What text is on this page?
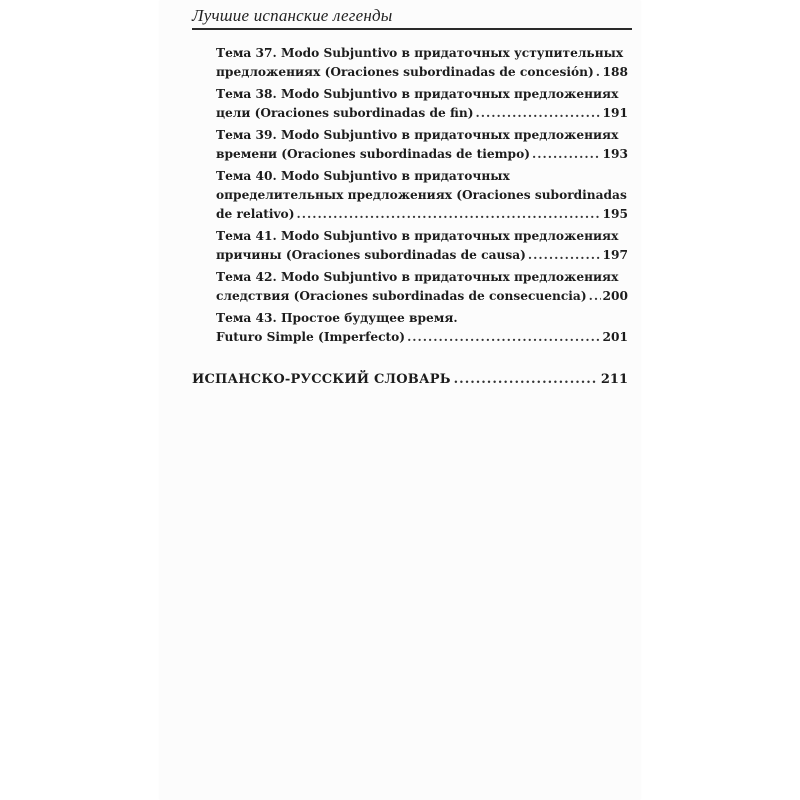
Лучшие испанские легенды
Тема 37. Modo Subjuntivo в придаточных уступительных
предложениях (Oraciones subordinadas de concesión) ..... 188
Тема 38. Modo Subjuntivo в придаточных предложениях
цели (Oraciones subordinadas de fin) .....	191
Тема 39. Modo Subjuntivo в придаточных предложениях
времени (Oraciones subordinadas de tiempo) .....	193
Тема 40. Modo Subjuntivo в придаточных
определительных предложениях (Oraciones subordinadas
de relativo) .....	195
Тема 41. Modo Subjuntivo в придаточных предложениях
причины (Oraciones subordinadas de causa) .....	197
Тема 42. Modo Subjuntivo в придаточных предложениях
следствия (Oraciones subordinadas de consecuencia) ..... 200
Тема 43. Простое будущее время.
Futuro Simple (Imperfecto) .....	201
ИСПАНСКО-РУССКИЙ СЛОВАРЬ .....	211
